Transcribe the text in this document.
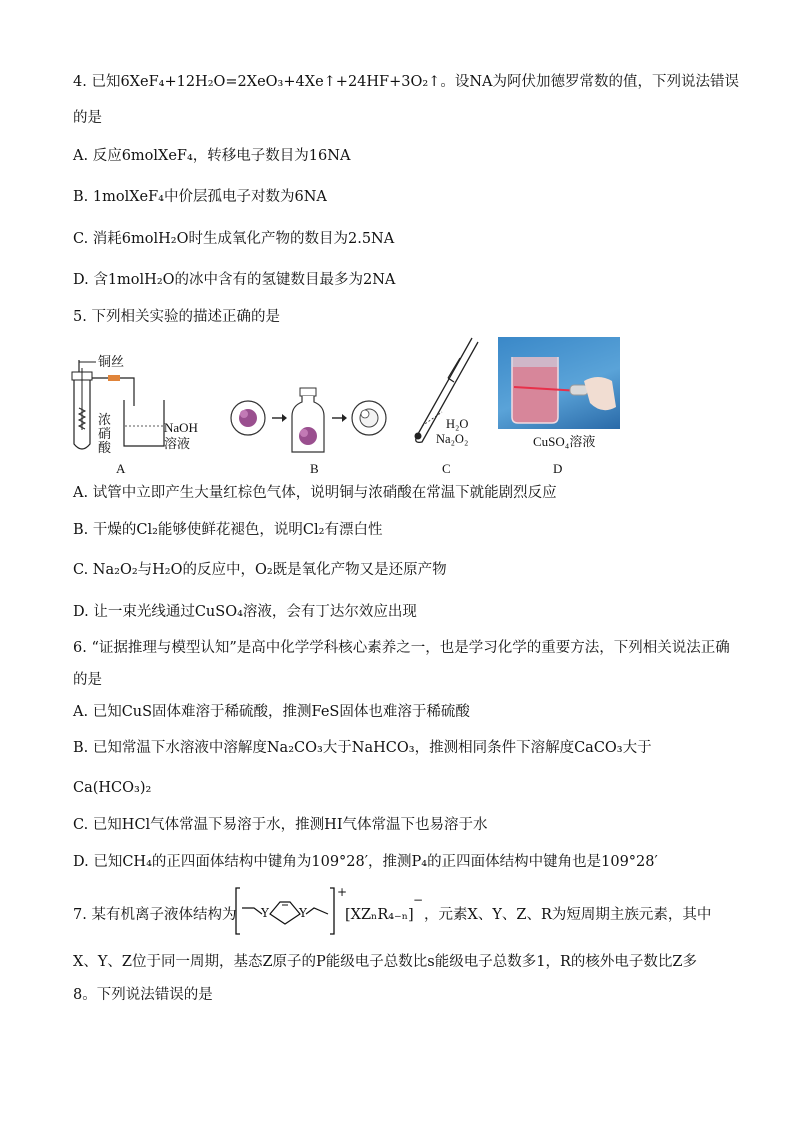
4. 已知6XeF₄+12H₂O=2XeO₃+4Xe↑+24HF+3O₂↑。设NA为阿伏加德罗常数的值，下列说法错误
的是
A. 反应6molXeF₄，转移电子数目为16NA
B. 1molXeF₄中价层孤电子对数为6NA
C. 消耗6molH₂O时生成氧化产物的数目为2.5NA
D. 含1molH₂O的冰中含有的氢键数目最多为2NA
5. 下列相关实验的描述正确的是
铜丝
浓
硝
酸
NaOH
溶液
A	B
H₂O
Na₂O₂
C
CuSO₄溶液
D
A. 试管中立即产生大量红棕色气体，说明铜与浓硝酸在常温下就能剧烈反应
B. 干燥的Cl₂能够使鲜花褪色，说明Cl₂有漂白性
C. Na₂O₂与H₂O的反应中，O₂既是氧化产物又是还原产物
D. 让一束光线通过CuSO₄溶液，会有丁达尔效应出现
6. “证据推理与模型认知”是高中化学学科核心素养之一，也是学习化学的重要方法，下列相关说法正确
的是
A. 已知CuS固体难溶于稀硫酸，推测FeS固体也难溶于稀硫酸
B. 已知常温下水溶液中溶解度Na₂CO₃大于NaHCO₃，推测相同条件下溶解度CaCO₃大于
Ca(HCO₃)₂
C. 已知HCl气体常温下易溶于水，推测HI气体常温下也易溶于水
D. 已知CH₄的正四面体结构中键角为109°28′，推测P₄的正四面体结构中键角也是109°28′
7. 某有机离子液体结构为 Y	Y
+
[XZₙR₄₋ₙ]
−
，元素X、Y、Z、R为短周期主族元素，其中
X、Y、Z位于同一周期，基态Z原子的P能级电子总数比s能级电子总数多1，R的核外电子数比Z多
8。下列说法错误的是
